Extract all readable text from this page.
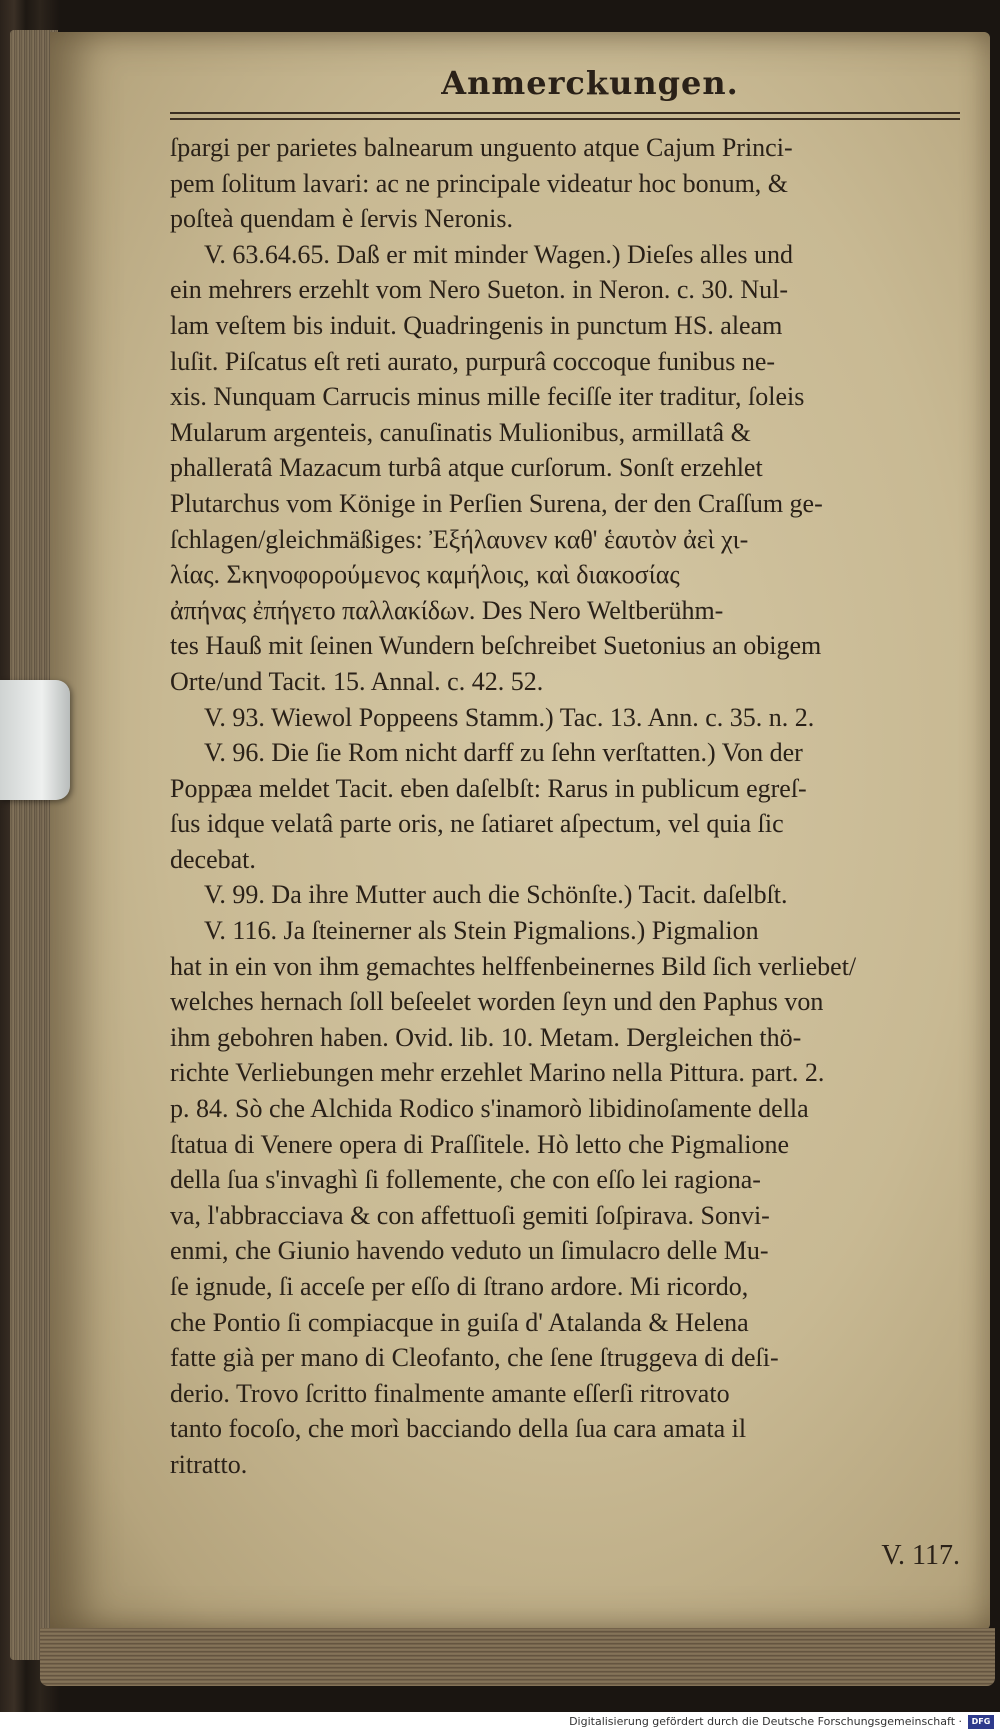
Anmerckungen.
ſpargi per parietes balnearum unguento atque Cajum Princi-
pem ſolitum lavari: ac ne principale videatur hoc bonum, &
poſteà quendam è ſervis Neronis.
V. 63.64.65. Daß er mit minder Wagen.) Dieſes alles und
ein mehrers erzehlt vom Nero Sueton. in Neron. c. 30. Nul-
lam veſtem bis induit. Quadringenis in punctum HS. aleam
luſit. Piſcatus eſt reti aurato, purpurâ coccoque funibus ne-
xis. Nunquam Carrucis minus mille feciſſe iter traditur, ſoleis
Mularum argenteis, canuſinatis Mulionibus, armillatâ &
phalleratâ Mazacum turbâ atque curſorum. Sonſt erzehlet
Plutarchus vom Könige in Perſien Surena, der den Craſſum ge-
ſchlagen/gleichmäßiges: Ἐξήλαυνεν καθ' ἑαυτὸν ἀεὶ χι-
λίας. Σκηνοφορούμενος καμήλοις, καὶ διακοσίας
ἀπήνας ἐπήγετο παλλακίδων. Des Nero Weltberühm-
tes Hauß mit ſeinen Wundern beſchreibet Suetonius an obigem
Orte/und Tacit. 15. Annal. c. 42. 52.
V. 93. Wiewol Poppeens Stamm.) Tac. 13. Ann. c. 35. n. 2.
V. 96. Die ſie Rom nicht darff zu ſehn verſtatten.) Von der
Poppæa meldet Tacit. eben daſelbſt: Rarus in publicum egreſ-
ſus idque velatâ parte oris, ne ſatiaret aſpectum, vel quia ſic
decebat.
V. 99. Da ihre Mutter auch die Schönſte.) Tacit. daſelbſt.
V. 116. Ja ſteinerner als Stein Pigmalions.) Pigmalion
hat in ein von ihm gemachtes helffenbeinernes Bild ſich verliebet/
welches hernach ſoll beſeelet worden ſeyn und den Paphus von
ihm gebohren haben. Ovid. lib. 10. Metam. Dergleichen thö-
richte Verliebungen mehr erzehlet Marino nella Pittura. part. 2.
p. 84. Sò che Alchida Rodico s'inamorò libidinoſamente della
ſtatua di Venere opera di Praſſitele. Hò letto che Pigmalione
della ſua s'invaghì ſi follemente, che con eſſo lei ragiona-
va, l'abbracciava & con affettuoſi gemiti ſoſpirava. Sonvi-
enmi, che Giunio havendo veduto un ſimulacro delle Mu-
ſe ignude, ſi acceſe per eſſo di ſtrano ardore. Mi ricordo,
che Pontio ſi compiacque in guiſa d' Atalanda & Helena
fatte già per mano di Cleofanto, che ſene ſtruggeva di deſi-
derio. Trovo ſcritto finalmente amante eſſerſi ritrovato
tanto focoſo, che morì bacciando della ſua cara amata il
ritratto.
V. 117.
Digitalisierung gefördert durch die Deutsche Forschungsgemeinschaft · DFG
